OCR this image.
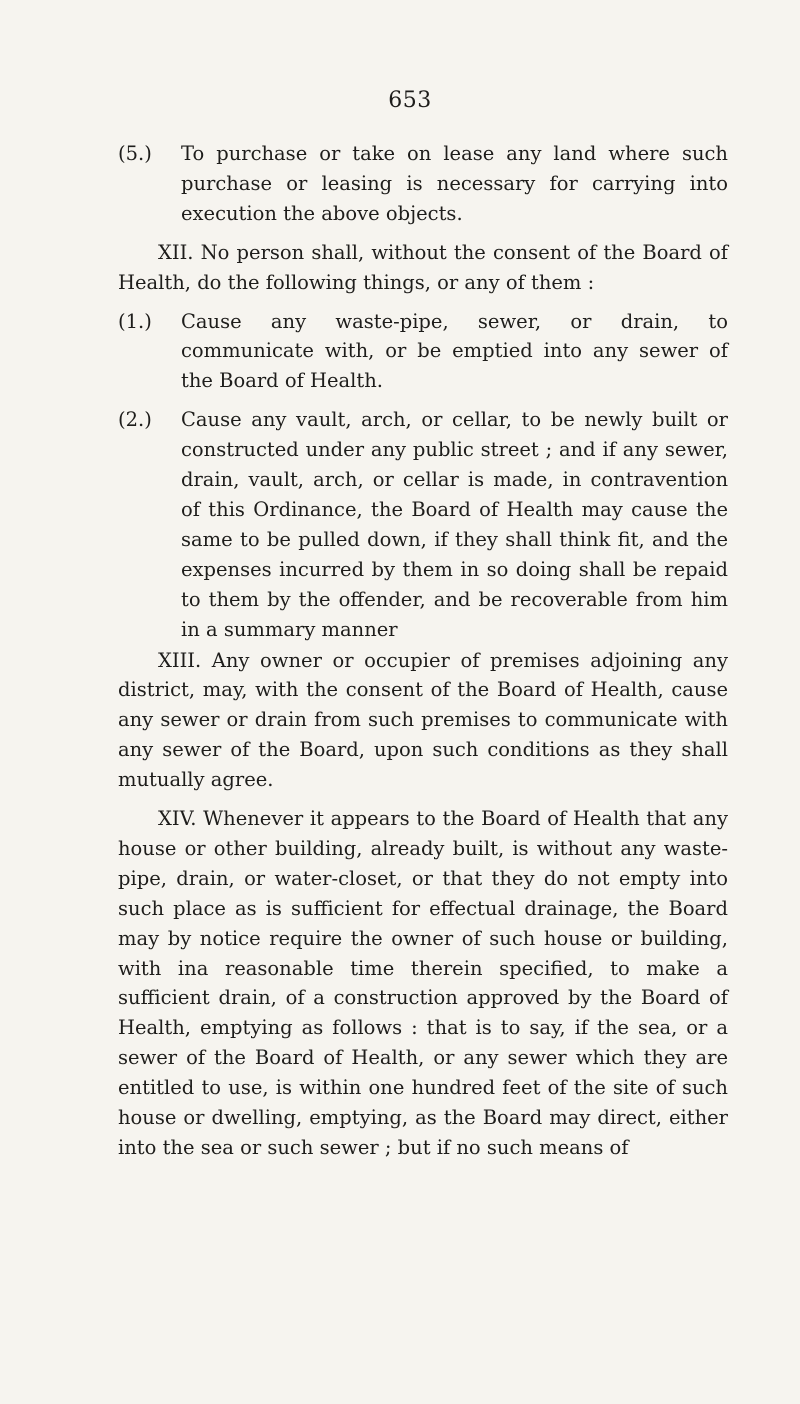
653
(5.)	To purchase or take on lease any land where such purchase or leasing is necessary for carrying into execution the above objects.

XII. No person shall, without the consent of the Board of Health, do the following things, or any of them :

(1.)	Cause any waste-pipe, sewer, or drain, to communicate with, or be emptied into any sewer of the Board of Health.
(2.)	Cause any vault, arch, or cellar, to be newly built or constructed under any public street ; and if any sewer, drain, vault, arch, or cellar is made, in contravention of this Ordinance, the Board of Health may cause the same to be pulled down, if they shall think fit, and the expenses incurred by them in so doing shall be repaid to them by the offender, and be recoverable from him in a summary manner

XIII. Any owner or occupier of premises adjoining any district, may, with the consent of the Board of Health, cause any sewer or drain from such premises to communicate with any sewer of the Board, upon such conditions as they shall mutually agree.

XIV. Whenever it appears to the Board of Health that any house or other building, already built, is without any waste-pipe, drain, or water-closet, or that they do not empty into such place as is sufficient for effectual drainage, the Board may by notice require the owner of such house or building, with ina reasonable time therein specified, to make a sufficient drain, of a construction approved by the Board of Health, emptying as follows : that is to say, if the sea, or a sewer of the Board of Health, or any sewer which they are entitled to use, is within one hundred feet of the site of such house or dwelling, emptying, as the Board may direct, either into the sea or such sewer ; but if no such means of
